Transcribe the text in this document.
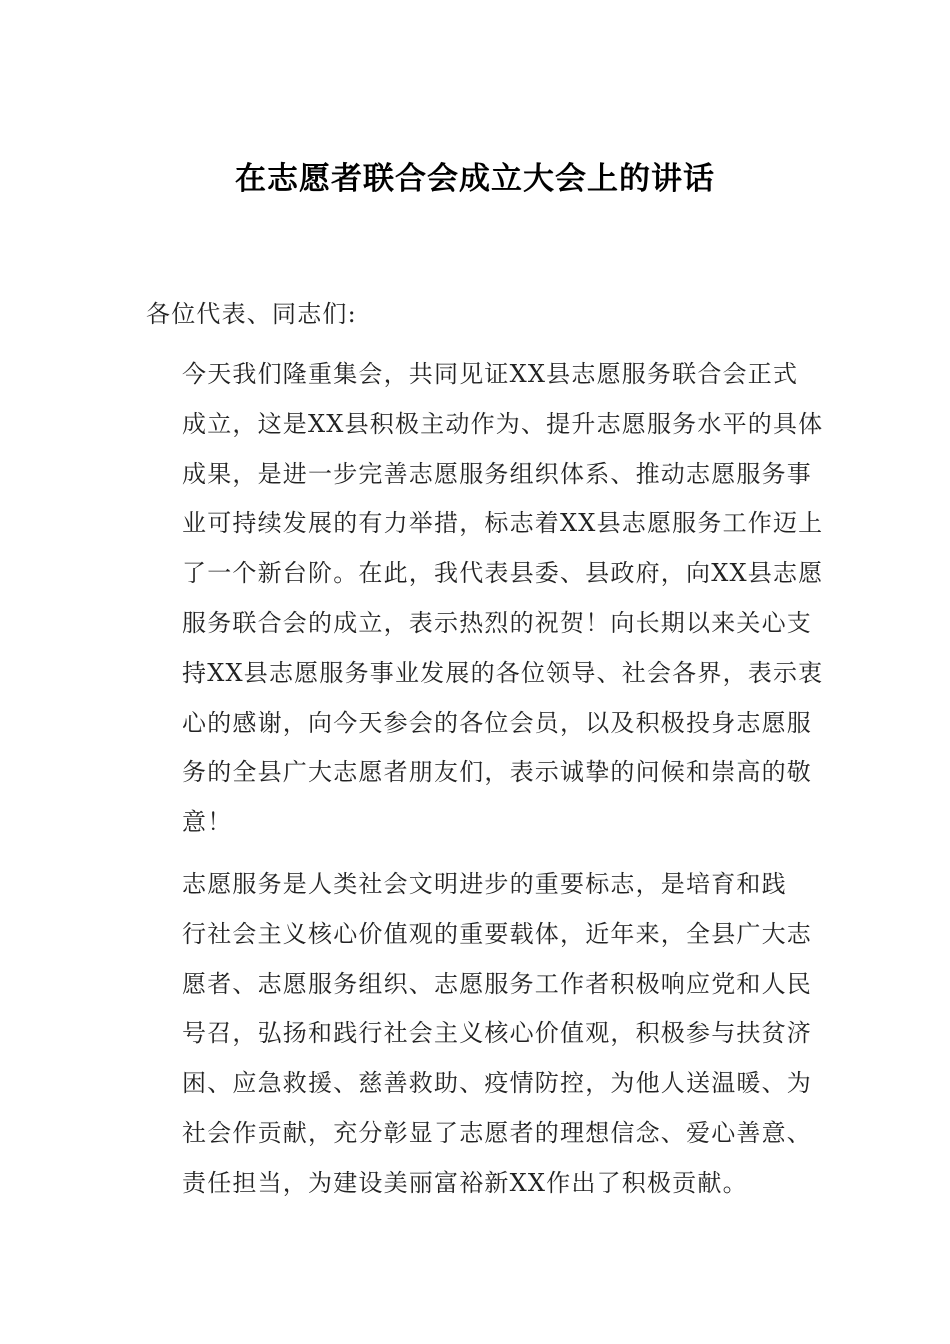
在志愿者联合会成立大会上的讲话
各位代表、同志们:
今天我们隆重集会，共同见证XX县志愿服务联合会正式
成立，这是XX县积极主动作为、提升志愿服务水平的具体
成果，是进一步完善志愿服务组织体系、推动志愿服务事
业可持续发展的有力举措，标志着XX县志愿服务工作迈上
了一个新台阶。在此，我代表县委、县政府，向XX县志愿
服务联合会的成立，表示热烈的祝贺！向长期以来关心支
持XX县志愿服务事业发展的各位领导、社会各界，表示衷
心的感谢，向今天参会的各位会员，以及积极投身志愿服
务的全县广大志愿者朋友们，表示诚挚的问候和崇高的敬
意！
志愿服务是人类社会文明进步的重要标志，是培育和践
行社会主义核心价值观的重要载体，近年来，全县广大志
愿者、志愿服务组织、志愿服务工作者积极响应党和人民
号召，弘扬和践行社会主义核心价值观，积极参与扶贫济
困、应急救援、慈善救助、疫情防控，为他人送温暖、为
社会作贡献，充分彰显了志愿者的理想信念、爱心善意、
责任担当，为建设美丽富裕新XX作出了积极贡献。
